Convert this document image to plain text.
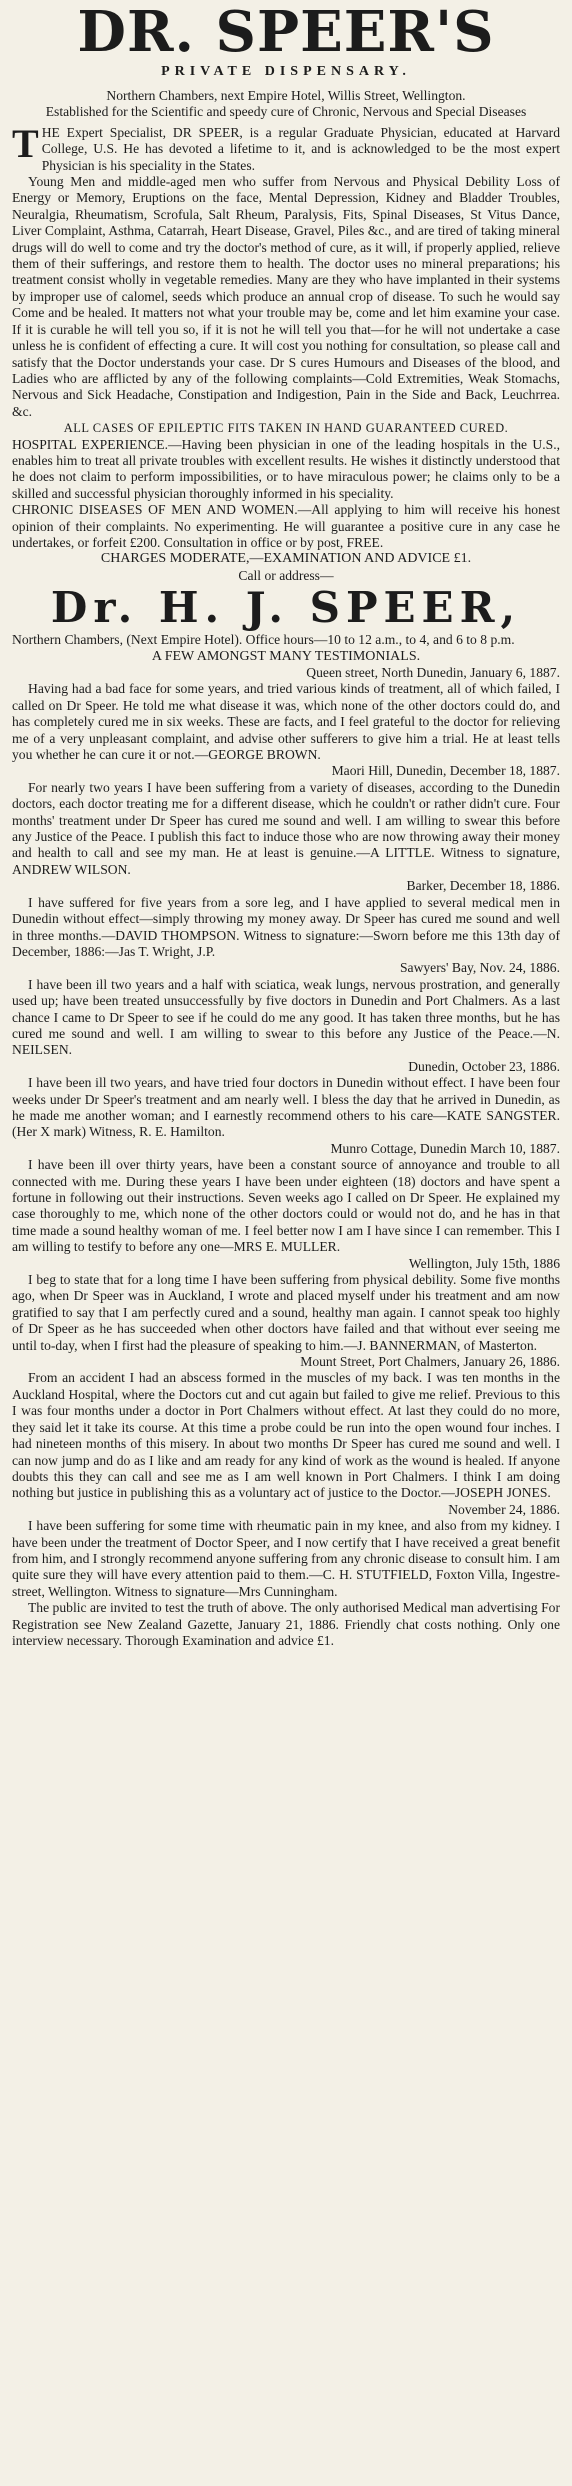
DR. SPEER'S
PRIVATE DISPENSARY.

Northern Chambers, next Empire Hotel, Willis Street, Wellington.

Established for the Scientific and speedy cure of Chronic, Nervous and Special Diseases

THE Expert Specialist, DR SPEER, is a regular Graduate Physician, educated at Harvard College, U.S. He has devoted a lifetime to it, and is acknowledged to be the most expert Physician is his speciality in the States.

Young Men and middle-aged men who suffer from Nervous and Physical Debility Loss of Energy or Memory, Eruptions on the face, Mental Depression, Kidney and Bladder Troubles, Neuralgia, Rheumatism, Scrofula, Salt Rheum, Paralysis, Fits, Spinal Diseases, St Vitus Dance, Liver Complaint, Asthma, Catarrah, Heart Disease, Gravel, Piles &c., and are tired of taking mineral drugs will do well to come and try the doctor's method of cure, as it will, if properly applied, relieve them of their sufferings, and restore them to health. The doctor uses no mineral preparations; his treatment consist wholly in vegetable remedies. Many are they who have implanted in their systems by improper use of calomel, seeds which produce an annual crop of disease. To such he would say Come and be healed. It matters not what your trouble may be, come and let him examine your case. If it is curable he will tell you so, if it is not he will tell you that—for he will not undertake a case unless he is confident of effecting a cure. It will cost you nothing for consultation, so please call and satisfy that the Doctor understands your case. Dr S cures Humours and Diseases of the blood, and Ladies who are afflicted by any of the following complaints—Cold Extremities, Weak Stomachs, Nervous and Sick Headache, Constipation and Indigestion, Pain in the Side and Back, Leuchrrea. &c.

ALL CASES OF EPILEPTIC FITS TAKEN IN HAND GUARANTEED CURED.

HOSPITAL EXPERIENCE.—Having been physician in one of the leading hospitals in the U.S., enables him to treat all private troubles with excellent results. He wishes it distinctly understood that he does not claim to perform impossibilities, or to have miraculous power; he claims only to be a skilled and successful physician thoroughly informed in his speciality.

CHRONIC DISEASES OF MEN AND WOMEN.—All applying to him will receive his honest opinion of their complaints. No experimenting. He will guarantee a positive cure in any case he undertakes, or forfeit £200. Consultation in office or by post, FREE.

CHARGES MODERATE,—EXAMINATION AND ADVICE £1.

Call or address—

Dr. H. J. SPEER,

Northern Chambers, (Next Empire Hotel). Office hours—10 to 12 a.m., to 4, and 6 to 8 p.m.

A FEW AMONGST MANY TESTIMONIALS.

Queen street, North Dunedin, January 6, 1887.

Having had a bad face for some years, and tried various kinds of treatment, all of which failed, I called on Dr Speer. He told me what disease it was, which none of the other doctors could do, and has completely cured me in six weeks. These are facts, and I feel grateful to the doctor for relieving me of a very unpleasant complaint, and advise other sufferers to give him a trial. He at least tells you whether he can cure it or not.—GEORGE BROWN.

Maori Hill, Dunedin, December 18, 1887.

For nearly two years I have been suffering from a variety of diseases, according to the Dunedin doctors, each doctor treating me for a different disease, which he couldn't or rather didn't cure. Four months' treatment under Dr Speer has cured me sound and well. I am willing to swear this before any Justice of the Peace. I publish this fact to induce those who are now throwing away their money and health to call and see my man. He at least is genuine.—A LITTLE. Witness to signature, ANDREW WILSON.

Barker, December 18, 1886.

I have suffered for five years from a sore leg, and I have applied to several medical men in Dunedin without effect—simply throwing my money away. Dr Speer has cured me sound and well in three months.—DAVID THOMPSON. Witness to signature:—Sworn before me this 13th day of December, 1886:—Jas T. Wright, J.P.

Sawyers' Bay, Nov. 24, 1886.

I have been ill two years and a half with sciatica, weak lungs, nervous prostration, and generally used up; have been treated unsuccessfully by five doctors in Dunedin and Port Chalmers. As a last chance I came to Dr Speer to see if he could do me any good. It has taken three months, but he has cured me sound and well. I am willing to swear to this before any Justice of the Peace.—N. NEILSEN.

Dunedin, October 23, 1886.

I have been ill two years, and have tried four doctors in Dunedin without effect. I have been four weeks under Dr Speer's treatment and am nearly well. I bless the day that he arrived in Dunedin, as he made me another woman; and I earnestly recommend others to his care—KATE SANGSTER. (Her X mark) Witness, R. E. Hamilton.

Munro Cottage, Dunedin March 10, 1887.

I have been ill over thirty years, have been a constant source of annoyance and trouble to all connected with me. During these years I have been under eighteen (18) doctors and have spent a fortune in following out their instructions. Seven weeks ago I called on Dr Speer. He explained my case thoroughly to me, which none of the other doctors could or would not do, and he has in that time made a sound healthy woman of me. I feel better now I am I have since I can remember. This I am willing to testify to before any one—MRS E. MULLER.

Wellington, July 15th, 1886

I beg to state that for a long time I have been suffering from physical debility. Some five months ago, when Dr Speer was in Auckland, I wrote and placed myself under his treatment and am now gratified to say that I am perfectly cured and a sound, healthy man again. I cannot speak too highly of Dr Speer as he has succeeded when other doctors have failed and that without ever seeing me until to-day, when I first had the pleasure of speaking to him.—J. BANNERMAN, of Masterton.

Mount Street, Port Chalmers, January 26, 1886.

From an accident I had an abscess formed in the muscles of my back. I was ten months in the Auckland Hospital, where the Doctors cut and cut again but failed to give me relief. Previous to this I was four months under a doctor in Port Chalmers without effect. At last they could do no more, they said let it take its course. At this time a probe could be run into the open wound four inches. I had nineteen months of this misery. In about two months Dr Speer has cured me sound and well. I can now jump and do as I like and am ready for any kind of work as the wound is healed. If anyone doubts this they can call and see me as I am well known in Port Chalmers. I think I am doing nothing but justice in publishing this as a voluntary act of justice to the Doctor.—JOSEPH JONES.

November 24, 1886.

I have been suffering for some time with rheumatic pain in my knee, and also from my kidney. I have been under the treatment of Doctor Speer, and I now certify that I have received a great benefit from him, and I strongly recommend anyone suffering from any chronic disease to consult him. I am quite sure they will have every attention paid to them.—C. H. STUTFIELD, Foxton Villa, Ingestre-street, Wellington. Witness to signature—Mrs Cunningham.

The public are invited to test the truth of above. The only authorised Medical man advertising For Registration see New Zealand Gazette, January 21, 1886. Friendly chat costs nothing. Only one interview necessary. Thorough Examination and advice £1.
